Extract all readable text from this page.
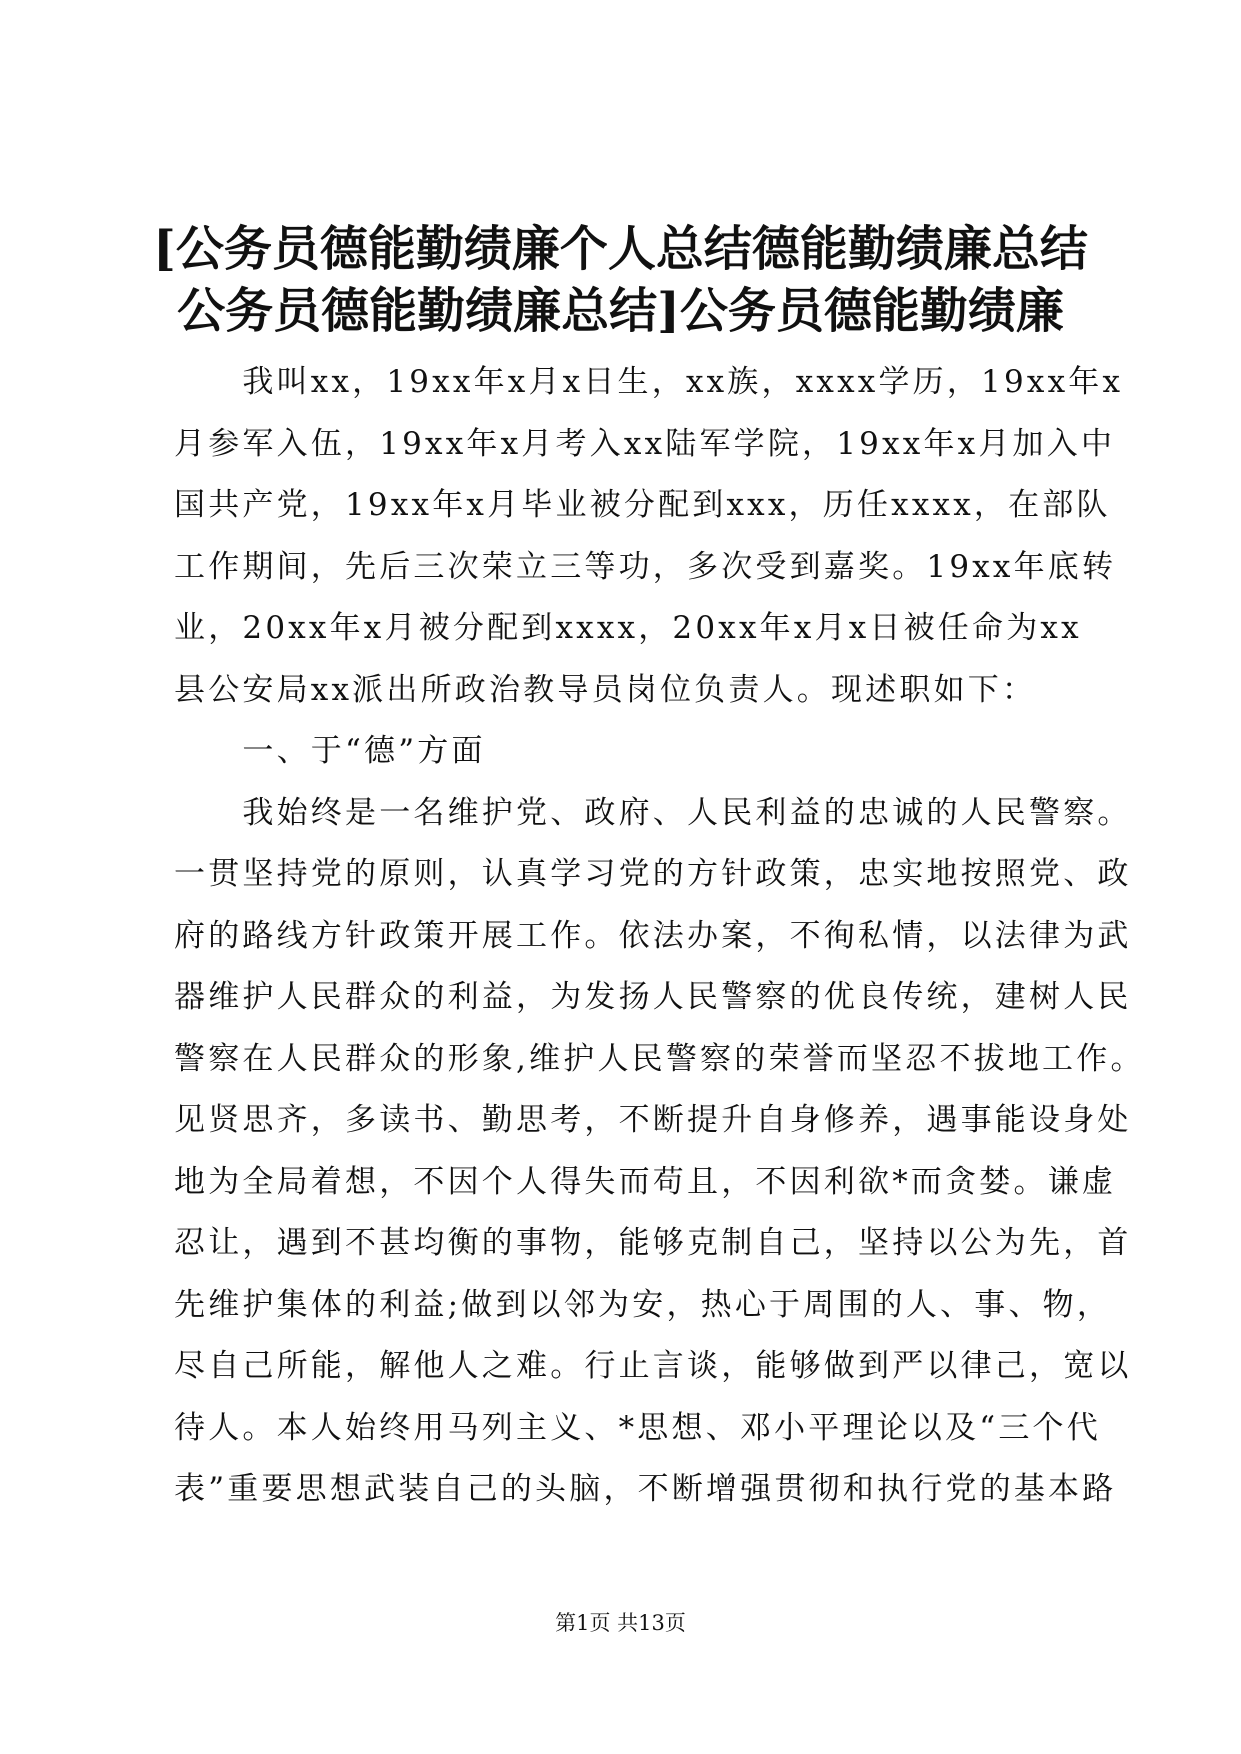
[公务员德能勤绩廉个人总结德能勤绩廉总结
公务员德能勤绩廉总结]公务员德能勤绩廉
　　我叫xx，19xx年x月x日生，xx族，xxxx学历，19xx年x
月参军入伍，19xx年x月考入xx陆军学院，19xx年x月加入中
国共产党，19xx年x月毕业被分配到xxx，历任xxxx，在部队
工作期间，先后三次荣立三等功，多次受到嘉奖。19xx年底转
业，20xx年x月被分配到xxxx，20xx年x月x日被任命为xx
县公安局xx派出所政治教导员岗位负责人。现述职如下：
　　一、于“德”方面
　　我始终是一名维护党、政府、人民利益的忠诚的人民警察。
一贯坚持党的原则，认真学习党的方针政策，忠实地按照党、政
府的路线方针政策开展工作。依法办案，不徇私情，以法律为武
器维护人民群众的利益，为发扬人民警察的优良传统，建树人民
警察在人民群众的形象,维护人民警察的荣誉而坚忍不拔地工作。
见贤思齐，多读书、勤思考，不断提升自身修养，遇事能设身处
地为全局着想，不因个人得失而苟且，不因利欲*而贪婪。谦虚
忍让，遇到不甚均衡的事物，能够克制自己，坚持以公为先，首
先维护集体的利益;做到以邻为安，热心于周围的人、事、物，
尽自己所能，解他人之难。行止言谈，能够做到严以律己，宽以
待人。本人始终用马列主义、*思想、邓小平理论以及“三个代
表”重要思想武装自己的头脑，不断增强贯彻和执行党的基本路
第1页 共13页
